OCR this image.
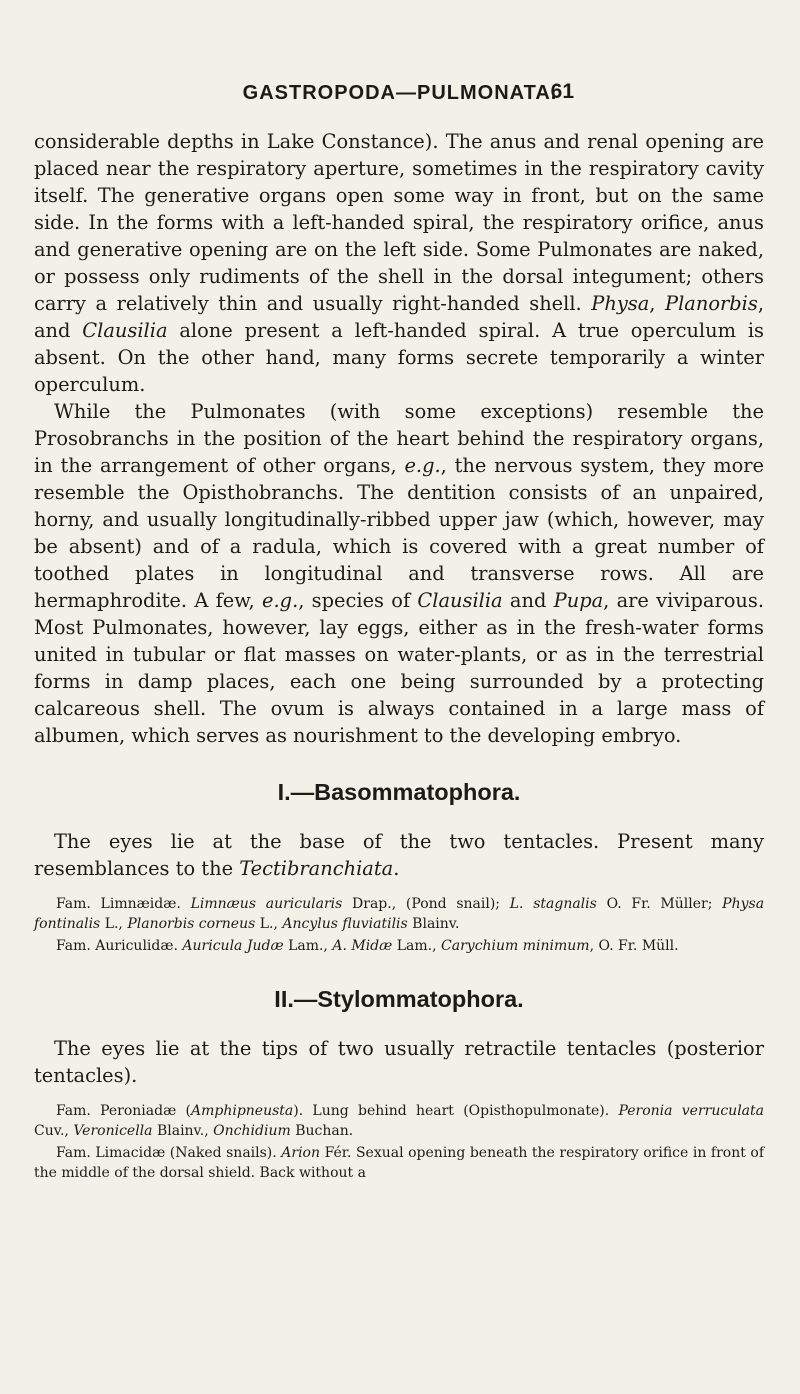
GASTROPODA—PULMONATA.
61

considerable depths in Lake Constance). The anus and renal opening are placed near the respiratory aperture, sometimes in the respiratory cavity itself. The generative organs open some way in front, but on the same side. In the forms with a left-handed spiral, the respiratory orifice, anus and generative opening are on the left side. Some Pulmonates are naked, or possess only rudiments of the shell in the dorsal integument; others carry a relatively thin and usually right-handed shell. Physa, Planorbis, and Clausilia alone present a left-handed spiral. A true operculum is absent. On the other hand, many forms secrete temporarily a winter operculum.

While the Pulmonates (with some exceptions) resemble the Prosobranchs in the position of the heart behind the respiratory organs, in the arrangement of other organs, e.g., the nervous system, they more resemble the Opisthobranchs. The dentition consists of an unpaired, horny, and usually longitudinally-ribbed upper jaw (which, however, may be absent) and of a radula, which is covered with a great number of toothed plates in longitudinal and transverse rows. All are hermaphrodite. A few, e.g., species of Clausilia and Pupa, are viviparous. Most Pulmonates, however, lay eggs, either as in the fresh-water forms united in tubular or flat masses on water-plants, or as in the terrestrial forms in damp places, each one being surrounded by a protecting calcareous shell. The ovum is always contained in a large mass of albumen, which serves as nourishment to the developing embryo.

I.—Basommatophora.

The eyes lie at the base of the two tentacles. Present many resemblances to the Tectibranchiata.

Fam. Limnæidæ. Limnæus auricularis Drap., (Pond snail); L. stagnalis O. Fr. Müller; Physa fontinalis L., Planorbis corneus L., Ancylus fluviatilis Blainv.

Fam. Auriculidæ. Auricula Judæ Lam., A. Midæ Lam., Carychium minimum, O. Fr. Müll.

II.—Stylommatophora.

The eyes lie at the tips of two usually retractile tentacles (posterior tentacles).

Fam. Peroniadæ (Amphipneusta). Lung behind heart (Opisthopulmonate). Peronia verruculata Cuv., Veronicella Blainv., Onchidium Buchan.

Fam. Limacidæ (Naked snails). Arion Fér. Sexual opening beneath the respiratory orifice in front of the middle of the dorsal shield. Back without a
